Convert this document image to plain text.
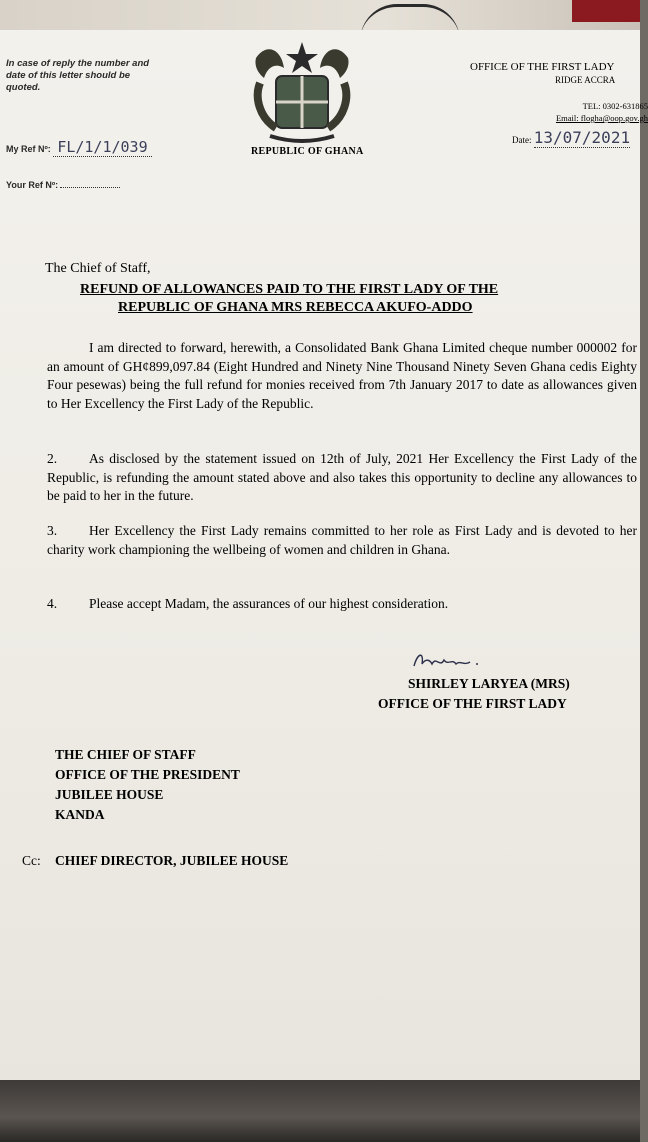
In case of reply the number and date of this letter should be quoted.
My Ref Nº: FL/1/1/039
Your Ref Nº:
REPUBLIC OF GHANA
OFFICE OF THE FIRST LADY
RIDGE ACCRA
TEL: 0302-631865
Email: flogha@oop.gov.gh
Date: 13/07/2021
The Chief of Staff,
REFUND OF ALLOWANCES PAID TO THE FIRST LADY OF THE
REPUBLIC OF GHANA MRS REBECCA AKUFO-ADDO
I am directed to forward, herewith, a Consolidated Bank Ghana Limited cheque number 000002 for an amount of GH¢899,097.84 (Eight Hundred and Ninety Nine Thousand Ninety Seven Ghana cedis Eighty Four pesewas) being the full refund for monies received from 7th January 2017 to date as allowances given to Her Excellency the First Lady of the Republic.
2. As disclosed by the statement issued on 12th of July, 2021 Her Excellency the First Lady of the Republic, is refunding the amount stated above and also takes this opportunity to decline any allowances to be paid to her in the future.
3. Her Excellency the First Lady remains committed to her role as First Lady and is devoted to her charity work championing the wellbeing of women and children in Ghana.
4. Please accept Madam, the assurances of our highest consideration.
SHIRLEY LARYEA (MRS)
OFFICE OF THE FIRST LADY
THE CHIEF OF STAFF
OFFICE OF THE PRESIDENT
JUBILEE HOUSE
KANDA
Cc: CHIEF DIRECTOR, JUBILEE HOUSE
